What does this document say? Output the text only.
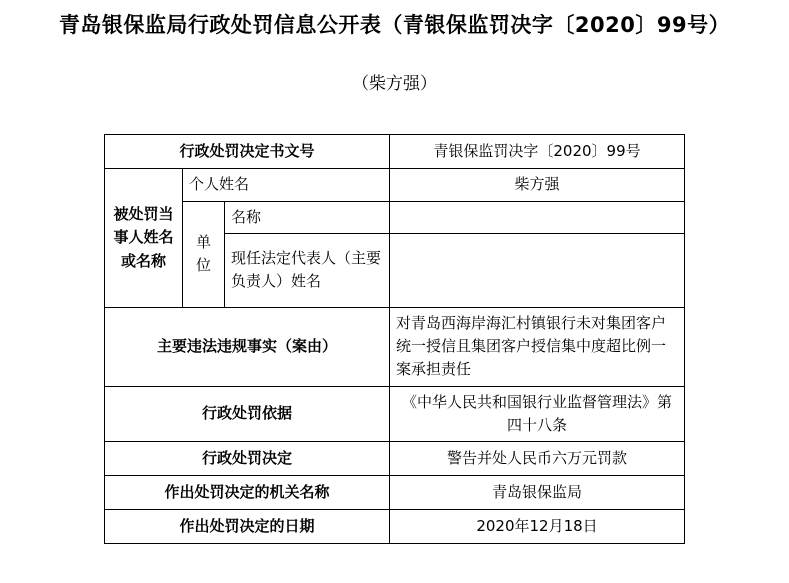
青岛银保监局行政处罚信息公开表（青银保监罚决字〔2020〕99号）
（柴方强）
行政处罚决定书文号			青银保监罚决字〔2020〕99号
被处罚当事人姓名或名称	个人姓名		柴方强
	单位	名称	
		现任法定代表人（主要负责人）姓名	
主要违法违规事实（案由）			对青岛西海岸海汇村镇银行未对集团客户统一授信且集团客户授信集中度超比例一案承担责任
行政处罚依据			《中华人民共和国银行业监督管理法》第四十八条
行政处罚决定			警告并处人民币六万元罚款
作出处罚决定的机关名称			青岛银保监局
作出处罚决定的日期			2020年12月18日
